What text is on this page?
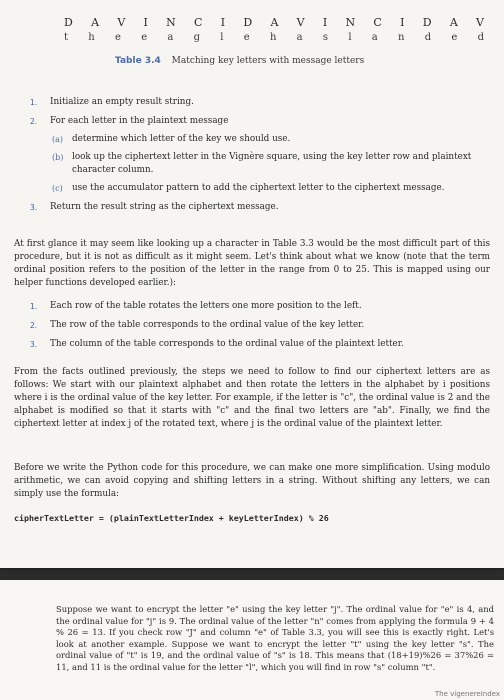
D A V I N C I D A V I N C I D A V
t h e e a g l e h a s l a n d e d
Table 3.4 Matching key letters with message letters
1. Initialize an empty result string.
2. For each letter in the plaintext message
(a) determine which letter of the key we should use.
(b) look up the ciphertext letter in the Vignère square, using the key letter row and plaintext character column.
(c) use the accumulator pattern to add the ciphertext letter to the ciphertext message.
3. Return the result string as the ciphertext message.

At first glance it may seem like looking up a character in Table 3.3 would be the most difficult part of this procedure, but it is not as difficult as it might seem. Let's think about what we know (note that the term ordinal position refers to the position of the letter in the range from 0 to 25. This is mapped using our helper functions developed earlier.):

1. Each row of the table rotates the letters one more position to the left.
2. The row of the table corresponds to the ordinal value of the key letter.
3. The column of the table corresponds to the ordinal value of the plaintext letter.

From the facts outlined previously, the steps we need to follow to find our ciphertext letters are as follows: We start with our plaintext alphabet and then rotate the letters in the alphabet by i positions where i is the ordinal value of the key letter. For example, if the letter is "c", the ordinal value is 2 and the alphabet is modified so that it starts with "c" and the final two letters are "ab". Finally, we find the ciphertext letter at index j of the rotated text, where j is the ordinal value of the plaintext letter.

Before we write the Python code for this procedure, we can make one more simplification. Using modulo arithmetic, we can avoid copying and shifting letters in a string. Without shifting any letters, we can simply use the formula:

cipherTextLetter = (plainTextLetterIndex + keyLetterIndex) % 26
Suppose we want to encrypt the letter "e" using the key letter "j". The ordinal value for "e" is 4, and the ordinal value for "j" is 9. The ordinal value of the letter "n" comes from applying the formula 9 + 4 % 26 = 13. If you check row "J" and column "e" of Table 3.3, you will see this is exactly right. Let's look at another example. Suppose we want to encrypt the letter "t" using the key letter "s". The ordinal value of "t" is 19, and the ordinal value of "s" is 18. This means that (18+19)%26 = 37%26 = 11, and 11 is the ordinal value for the letter "l", which you will find in row "s" column "t".
The vigenereIndex
